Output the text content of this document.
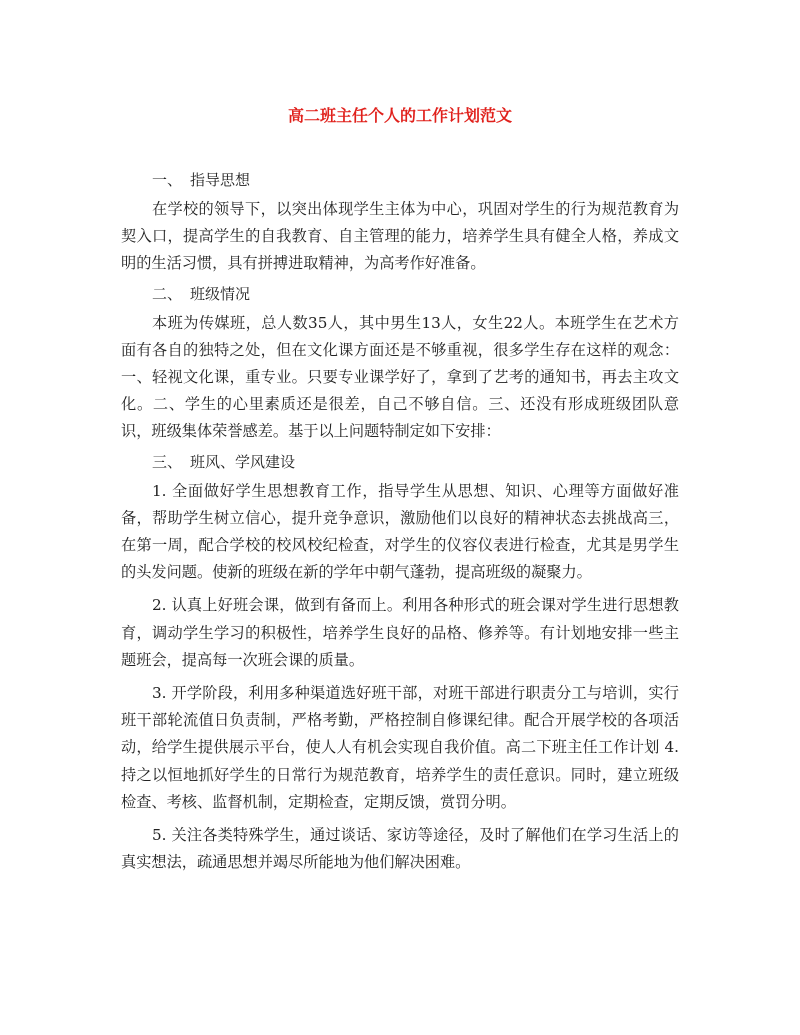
高二班主任个人的工作计划范文
一、 指导思想

在学校的领导下，以突出体现学生主体为中心，巩固对学生的行为规范教育为契入口，提高学生的自我教育、自主管理的能力，培养学生具有健全人格，养成文明的生活习惯，具有拼搏进取精神，为高考作好准备。

二、 班级情况

本班为传媒班，总人数35人，其中男生13人，女生22人。本班学生在艺术方面有各自的独特之处，但在文化课方面还是不够重视，很多学生存在这样的观念：一、轻视文化课，重专业。只要专业课学好了，拿到了艺考的通知书，再去主攻文化。二、学生的心里素质还是很差，自己不够自信。三、还没有形成班级团队意识，班级集体荣誉感差。基于以上问题特制定如下安排：

三、 班风、学风建设

1. 全面做好学生思想教育工作，指导学生从思想、知识、心理等方面做好准备，帮助学生树立信心，提升竞争意识，激励他们以良好的精神状态去挑战高三，在第一周，配合学校的校风校纪检查，对学生的仪容仪表进行检查，尤其是男学生的头发问题。使新的班级在新的学年中朝气蓬勃，提高班级的凝聚力。

2. 认真上好班会课，做到有备而上。利用各种形式的班会课对学生进行思想教育，调动学生学习的积极性，培养学生良好的品格、修养等。有计划地安排一些主题班会，提高每一次班会课的质量。

3. 开学阶段，利用多种渠道选好班干部，对班干部进行职责分工与培训，实行班干部轮流值日负责制，严格考勤，严格控制自修课纪律。配合开展学校的各项活动，给学生提供展示平台，使人人有机会实现自我价值。高二下班主任工作计划 4. 持之以恒地抓好学生的日常行为规范教育，培养学生的责任意识。同时，建立班级检查、考核、监督机制，定期检查，定期反馈，赏罚分明。

5. 关注各类特殊学生，通过谈话、家访等途径，及时了解他们在学习生活上的真实想法，疏通思想并竭尽所能地为他们解决困难。
